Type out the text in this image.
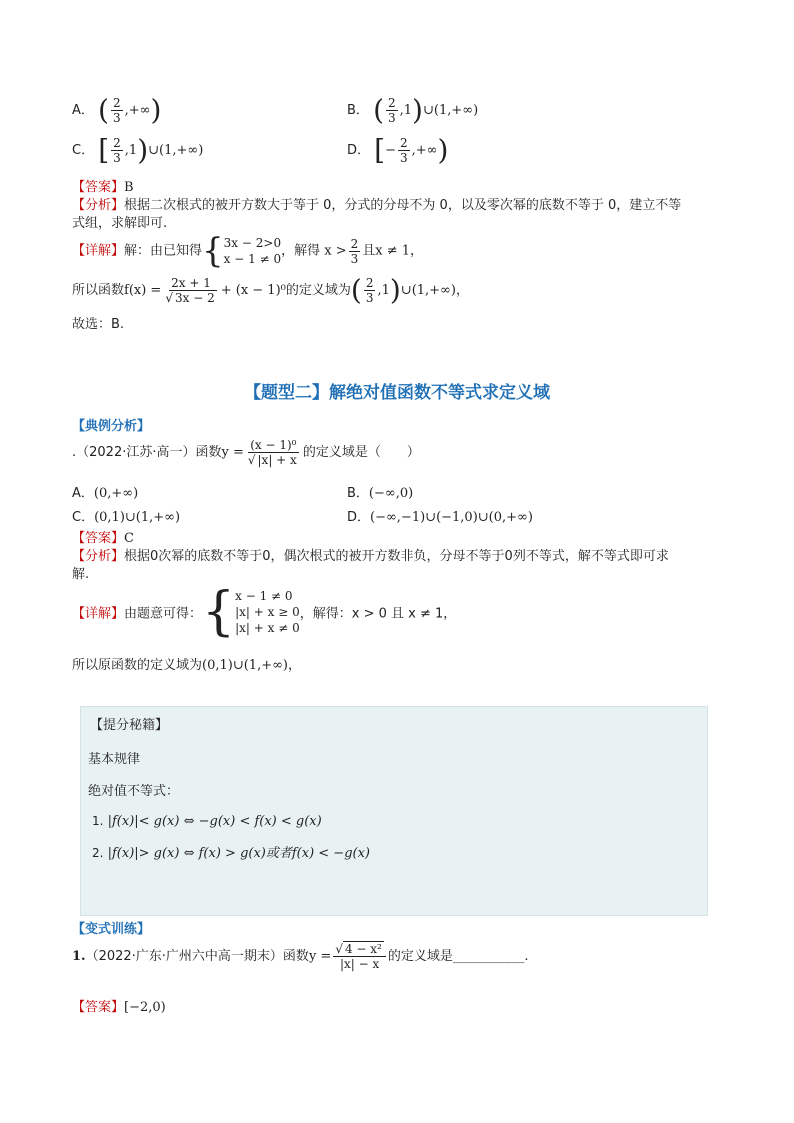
A． ( $\frac{2}{3}$ ,+∞)	B． ( $\frac{2}{3}$ ,1)∪(1,+∞)
C． [ $\frac{2}{3}$ ,1)∪(1,+∞)	D． [− $\frac{2}{3}$ ,+∞)
【答案】B
【分析】根据二次根式的被开方数大于等于 0，分式的分母不为 0，以及零次幂的底数不等于 0，建立不等
式组，求解即可.
【详解】解：由已知得{ 3x − 2>0
x − 1 ≠ 0
，解得 $x > \frac{2}{3}$ 且x ≠ 1，
所以函数$f(x) = \frac{2x + 1}{√ 3x - 2} + (x - 1)^0$的定义域为( $\frac{2}{3}$ ,1)∪(1,+∞)，
故选：B.
【题型二】解绝对值函数不等式求定义域
【典例分析】
.（2022·江苏·高一）函数$y = \frac{\text{(x − 1)⁰}}{√ |x| + x}$ 的定义域是（　　）
A．(0,+∞)	B．(−∞,0)
C．(0,1)∪(1,+∞)	D．(−∞,−1)∪(−1,0)∪(0,+∞)
【答案】C
【分析】根据0次幂的底数不等于0，偶次根式的被开方数非负，分母不等于0列不等式，解不等式即可求
解.
【详解】由题意可得：{ x − 1 ≠ 0
|x| + x ≥ 0
|x| + x ≠ 0
，解得：x > 0 且 x ≠ 1，
所以原函数的定义域为(0,1)∪(1,+∞)，
【提分秘籍】
基本规律
绝对值不等式：
1. |f(x)|< g(x) ⇔ −g(x) < f(x) < g(x)
2. |f(x)|> g(x) ⇔ f(x) > g(x)或者f(x) < −g(x)
【变式训练】
1.（2022·广东·广州六中高一期末）函数$y = \frac{\text{√ 4 − x²}}{|x| - x}$ 的定义域是___________.
【答案】[−2,0)
